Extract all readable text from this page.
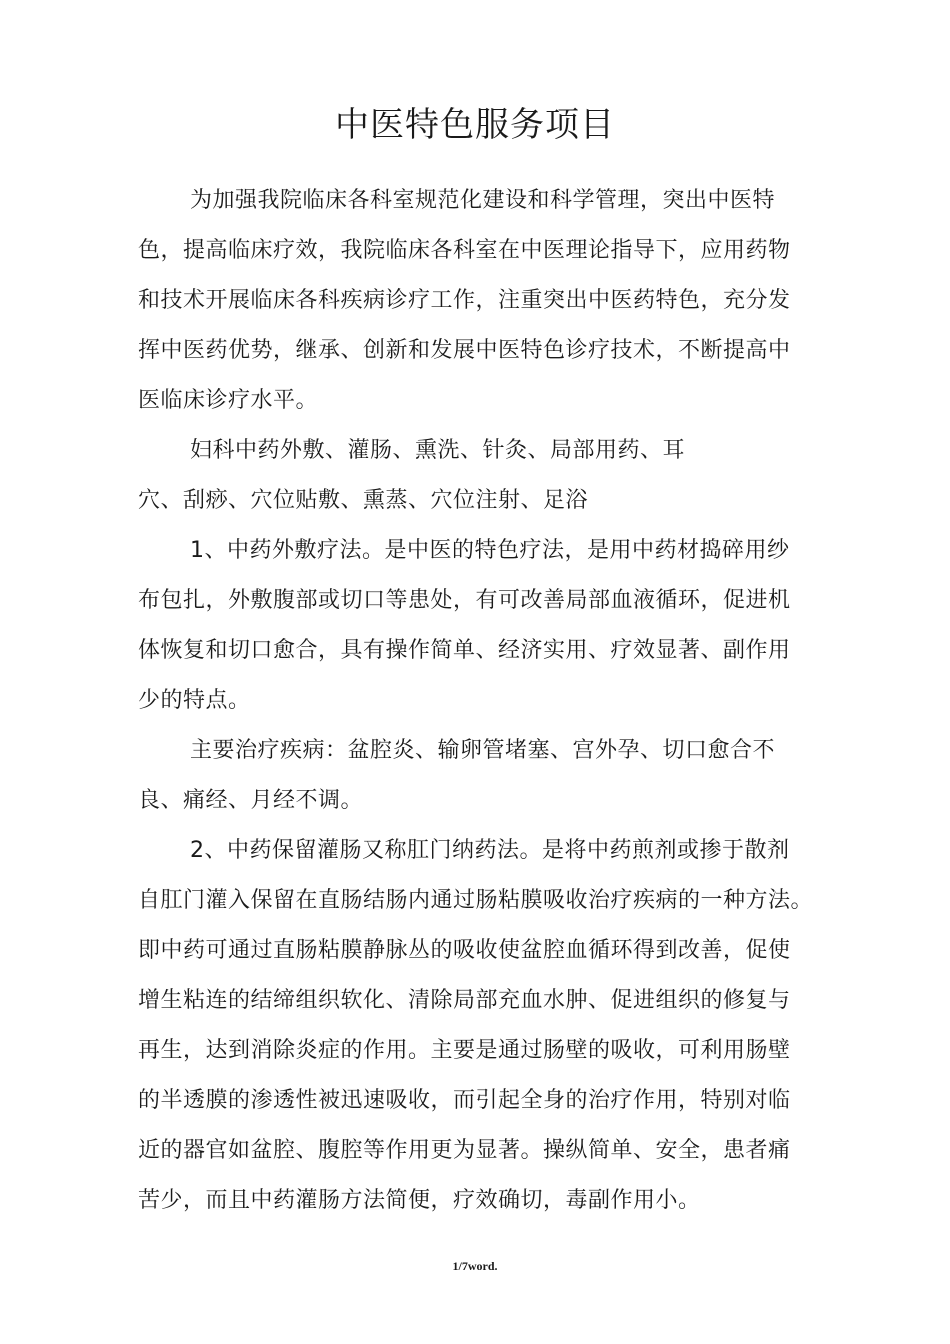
中医特色服务项目
为加强我院临床各科室规范化建设和科学管理，突出中医特
色，提高临床疗效，我院临床各科室在中医理论指导下，应用药物
和技术开展临床各科疾病诊疗工作，注重突出中医药特色，充分发
挥中医药优势，继承、创新和发展中医特色诊疗技术，不断提高中
医临床诊疗水平。
妇科中药外敷、灌肠、熏洗、针灸、局部用药、耳
穴、刮痧、穴位贴敷、熏蒸、穴位注射、足浴
1、中药外敷疗法。是中医的特色疗法，是用中药材捣碎用纱
布包扎，外敷腹部或切口等患处，有可改善局部血液循环，促进机
体恢复和切口愈合，具有操作简单、经济实用、疗效显著、副作用
少的特点。
主要治疗疾病：盆腔炎、输卵管堵塞、宫外孕、切口愈合不
良、痛经、月经不调。
2、中药保留灌肠又称肛门纳药法。是将中药煎剂或掺于散剂
自肛门灌入保留在直肠结肠内通过肠粘膜吸收治疗疾病的一种方法。
即中药可通过直肠粘膜静脉丛的吸收使盆腔血循环得到改善，促使
增生粘连的结缔组织软化、清除局部充血水肿、促进组织的修复与
再生，达到消除炎症的作用。主要是通过肠壁的吸收，可利用肠壁
的半透膜的渗透性被迅速吸收，而引起全身的治疗作用，特别对临
近的器官如盆腔、腹腔等作用更为显著。操纵简单、安全，患者痛
苦少，而且中药灌肠方法简便，疗效确切，毒副作用小。
1/7word.
